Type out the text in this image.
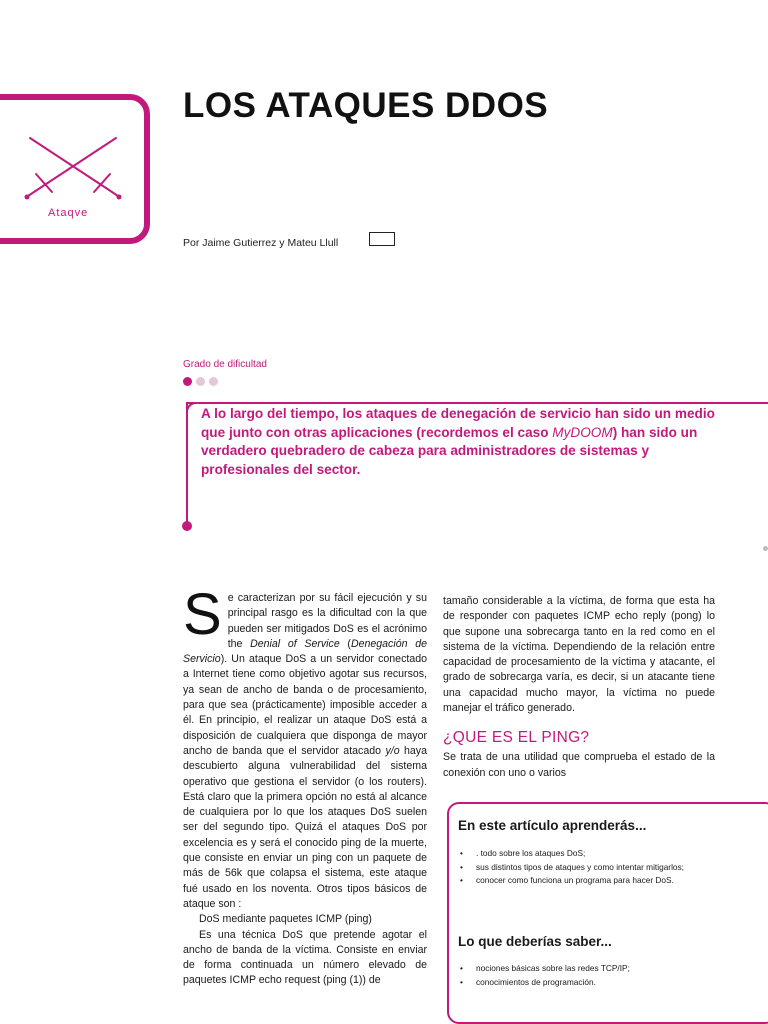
Ataqve
LOS ATAQUES DDOS
Por Jaime Gutierrez y Mateu Llull
Grado de dificultad

A lo largo del tiempo, los ataques de denegación de servicio han sido un medio que junto con otras aplicaciones (recordemos el caso MyDOOM) han sido un verdadero quebradero de cabeza para administradores de sistemas y profesionales del sector.

Se caracterizan por su fácil ejecución y su principal rasgo es la dificultad con la que pueden ser mitigados DoS es el acrónimo the Denial of Service (Denegación de Servicio). Un ataque DoS a un servidor conectado a Internet tiene como objetivo agotar sus recursos, ya sean de ancho de banda o de procesamiento, para que sea (prácticamente) imposible acceder a él. En principio, el realizar un ataque DoS está a disposición de cualquiera que disponga de mayor ancho de banda que el servidor atacado y/o haya descubierto alguna vulnerabilidad del sistema operativo que gestiona el servidor (o los routers). Está claro que la primera opción no está al alcance de cualquiera por lo que los ataques DoS suelen ser del segundo tipo. Quizá el ataques DoS por excelencia es y será el conocido ping de la muerte, que consiste en enviar un ping con un paquete de más de 56k que colapsa el sistema, este ataque fué usado en los noventa. Otros tipos básicos de ataque son :

DoS mediante paquetes ICMP (ping)

Es una técnica DoS que pretende agotar el ancho de banda de la víctima. Consiste en enviar de forma continuada un número elevado de paquetes ICMP echo request (ping (1)) de

tamaño considerable a la víctima, de forma que esta ha de responder con paquetes ICMP echo reply (pong) lo que supone una sobrecarga tanto en la red como en el sistema de la víctima. Dependiendo de la relación entre capacidad de procesamiento de la víctima y atacante, el grado de sobrecarga varía, es decir, si un atacante tiene una capacidad mucho mayor, la víctima no puede manejar el tráfico generado.

¿QUE ES EL PING?

Se trata de una utilidad que comprueba el estado de la conexión con uno o varios

En este artículo aprenderás...
• . todo sobre los ataques DoS;
• sus distintos tipos de ataques y como intentar mitigarlos;
• conocer como funciona un programa para hacer DoS.
Lo que deberías saber...
• nociones básicas sobre las redes TCP/IP;
• conocimientos de programación.
